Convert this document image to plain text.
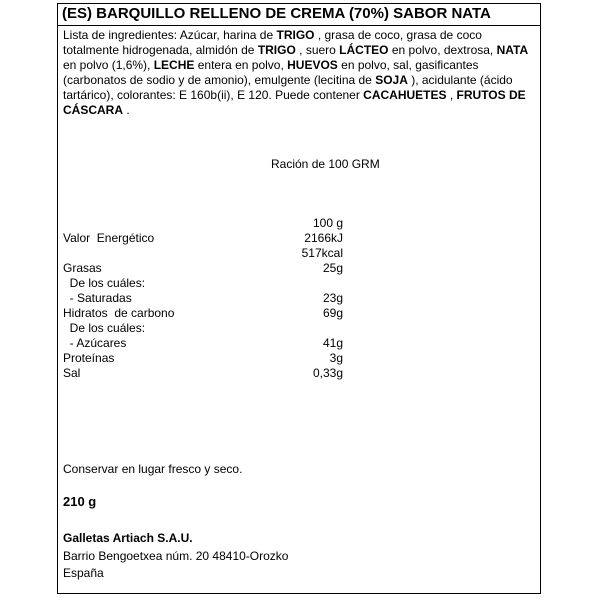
(ES) BARQUILLO RELLENO DE CREMA (70%) SABOR NATA
Lista de ingredientes: Azúcar, harina de TRIGO , grasa de coco, grasa de coco totalmente hidrogenada, almidón de TRIGO , suero LÁCTEO en polvo, dextrosa, NATA en polvo (1,6%), LECHE entera en polvo, HUEVOS en polvo, sal, gasificantes (carbonatos de sodio y de amonio), emulgente (lecitina de SOJA ), acidulante (ácido tartárico), colorantes: E 160b(ii), E 120. Puede contener CACAHUETES , FRUTOS DE CÁSCARA .
Ración de 100 GRM
100 g
Valor  Energético	2166kJ
517kcal
Grasas	25g
De los cuáles:
- Saturadas	23g
Hidratos  de carbono	69g
De los cuáles:
- Azúcares	41g
Proteínas	3g
Sal	0,33g
Conservar en lugar fresco y seco.
210 g
Galletas Artiach S.A.U.
Barrio Bengoetxea núm. 20 48410-Orozko
España
